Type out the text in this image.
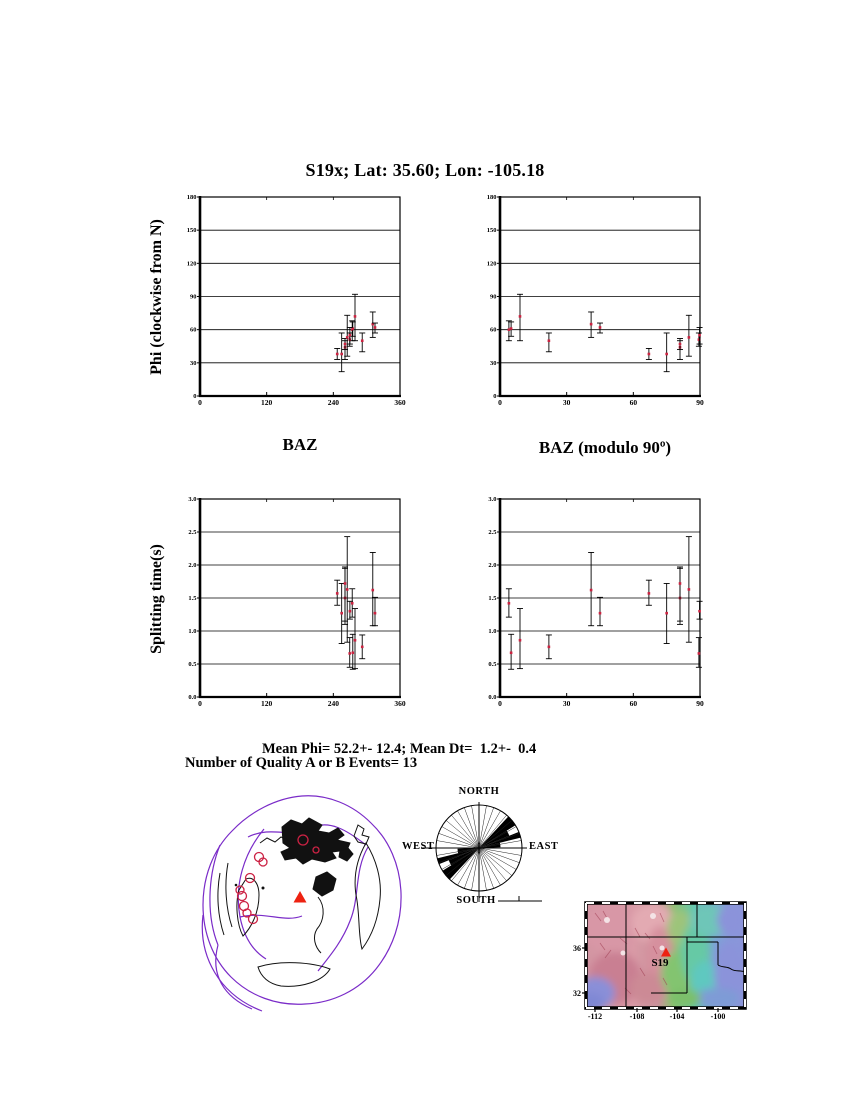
S19x; Lat: 35.60; Lon: -105.18
Phi (clockwise from N)
Splitting time(s)
BAZ	BAZ (modulo 90º)
0
30
60
90
120
150
180
0	120	240	360
0
30
60
90
120
150
180
0	30	60	90
0.0
0.5
1.0
1.5
2.0
2.5
3.0
0	120	240	360
0.0
0.5
1.0
1.5
2.0
2.5
3.0
0	30	60	90
Mean Phi= 52.2+- 12.4; Mean Dt=  1.2+-  0.4
Number of Quality A or B Events= 13
NORTH
EAST
SOUTH
WEST
-112	-108	-104	-100
36
32
S19
